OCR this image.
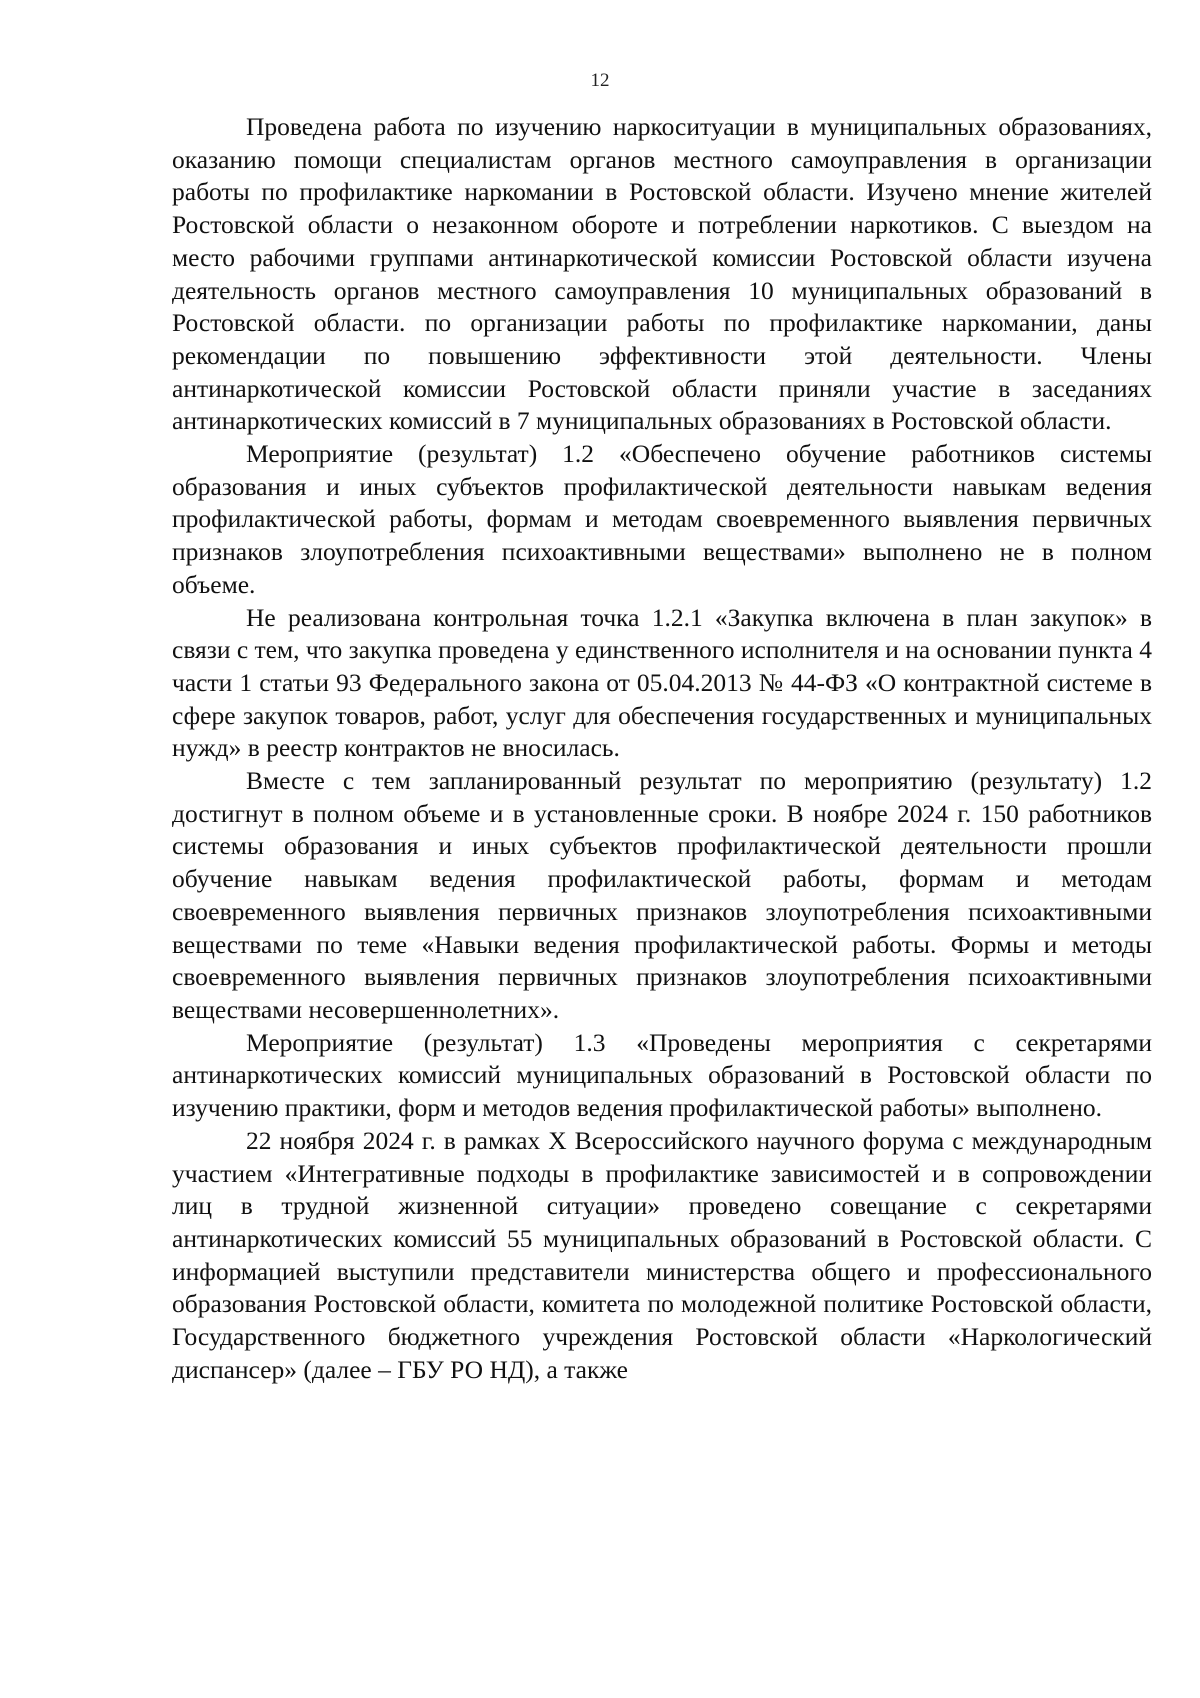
12

Проведена работа по изучению наркоситуации в муниципальных образованиях, оказанию помощи специалистам органов местного самоуправления в организации работы по профилактике наркомании в Ростовской области. Изучено мнение жителей Ростовской области о незаконном обороте и потреблении наркотиков. С выездом на место рабочими группами антинаркотической комиссии Ростовской области изучена деятельность органов местного самоуправления 10 муниципальных образований в Ростовской области. по организации работы по профилактике наркомании, даны рекомендации по повышению эффективности этой деятельности. Члены антинаркотической комиссии Ростовской области приняли участие в заседаниях антинаркотических комиссий в 7 муниципальных образованиях в Ростовской области.

Мероприятие (результат) 1.2 «Обеспечено обучение работников системы образования и иных субъектов профилактической деятельности навыкам ведения профилактической работы, формам и методам своевременного выявления первичных признаков злоупотребления психоактивными веществами» выполнено не в полном объеме.

Не реализована контрольная точка 1.2.1 «Закупка включена в план закупок» в связи с тем, что закупка проведена у единственного исполнителя и на основании пункта 4 части 1 статьи 93 Федерального закона от 05.04.2013 № 44-ФЗ «О контрактной системе в сфере закупок товаров, работ, услуг для обеспечения государственных и муниципальных нужд» в реестр контрактов не вносилась.

Вместе с тем запланированный результат по мероприятию (результату) 1.2 достигнут в полном объеме и в установленные сроки. В ноябре 2024 г. 150 работников системы образования и иных субъектов профилактической деятельности прошли обучение навыкам ведения профилактической работы, формам и методам своевременного выявления первичных признаков злоупотребления психоактивными веществами по теме «Навыки ведения профилактической работы. Формы и методы своевременного выявления первичных признаков злоупотребления психоактивными веществами несовершеннолетних».

Мероприятие (результат) 1.3 «Проведены мероприятия с секретарями антинаркотических комиссий муниципальных образований в Ростовской области по изучению практики, форм и методов ведения профилактической работы» выполнено.

22 ноября 2024 г. в рамках X Всероссийского научного форума с международным участием «Интегративные подходы в профилактике зависимостей и в сопровождении лиц в трудной жизненной ситуации» проведено совещание с секретарями антинаркотических комиссий 55 муниципальных образований в Ростовской области. С информацией выступили представители министерства общего и профессионального образования Ростовской области, комитета по молодежной политике Ростовской области, Государственного бюджетного учреждения Ростовской области «Наркологический диспансер» (далее – ГБУ РО НД), а также
